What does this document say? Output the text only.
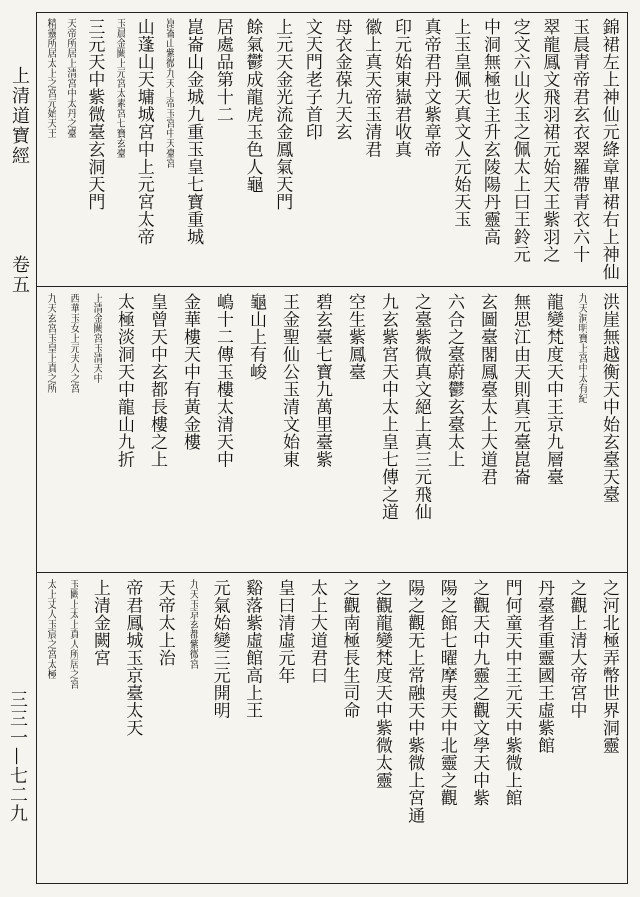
上清道寶經
卷五
三三一—七二九
錦裙左上神仙元絳章單裙右上神仙
玉晨青帝君玄衣翠羅帶青衣六十
翠龍鳳文飛羽裙元始天王紫羽之
㝎文六山火玉之佩太上曰王鈴元
中洞無極也主升玄陵陽丹靈高
上玉皇佩天真文人元始天玉
真帝君丹文紫章帝
印元始東嶽君收真
徽上真天帝玉清君
母衣金葆九天玄
文天門老子首印
上元天金光流金鳳氣天門
餘氣鬱成龍虎玉色人龜
居處品第十二
崑崙山金城九重玉皇七寶重城
崑崙山紫微九天上帝玉宮中天臺宮
山蓬山天墉城宮中上元宮太帝
玉晨金闕上元宮太素宮七寶玄臺
三元天中紫微臺玄洞天門
天帝所居上清宮中太丹之臺
精靈所居太上之宮元始天王
洪崖無越衡天中始玄臺天臺
九天洞明寶上宮中太有紀
龍變梵度天中王京九層臺
無思江由天則真元臺崑崙
玄圖臺閣鳳臺太上大道君
六合之臺蔚鬱玄臺太上
之臺紫微真文絕上真三元飛仙
九玄紫宮天中太上皇七傳之道
空生紫鳳臺
碧玄臺七寶九萬里臺紫
王金聖仙公玉清文始東
龜山上有峻
嶋十二傳玉樓太清天中
金華樓天中有黃金樓
皇曾天中玄都長樓之上
太極淡洞天中龍山九折
上清金闕宮玉清天中
西華玉女上元夫人之宮
九天玄宮玉皇上真之所
之河北極弄幣世界洞靈
之觀上清大帝宮中
丹臺者重靈國王虛紫館
門何童天中王元天中紫微上館
之觀天中九靈之觀文學天中紫
陽之館七曜摩夷天中北靈之觀
陽之觀无上常融天中紫微上宮通
之觀龍變梵度天中紫微太靈
之觀南極長生司命
太上大道君曰
皇曰清虛元年
谿落紫虛館高上王
元氣始變三元開明
九天玉京玄都紫微宮
天帝太上治
帝君鳳城玉京臺太天
上清金闕宮
玉闕上太上真人所居之宮
太上丈人玉宸之宮太極
